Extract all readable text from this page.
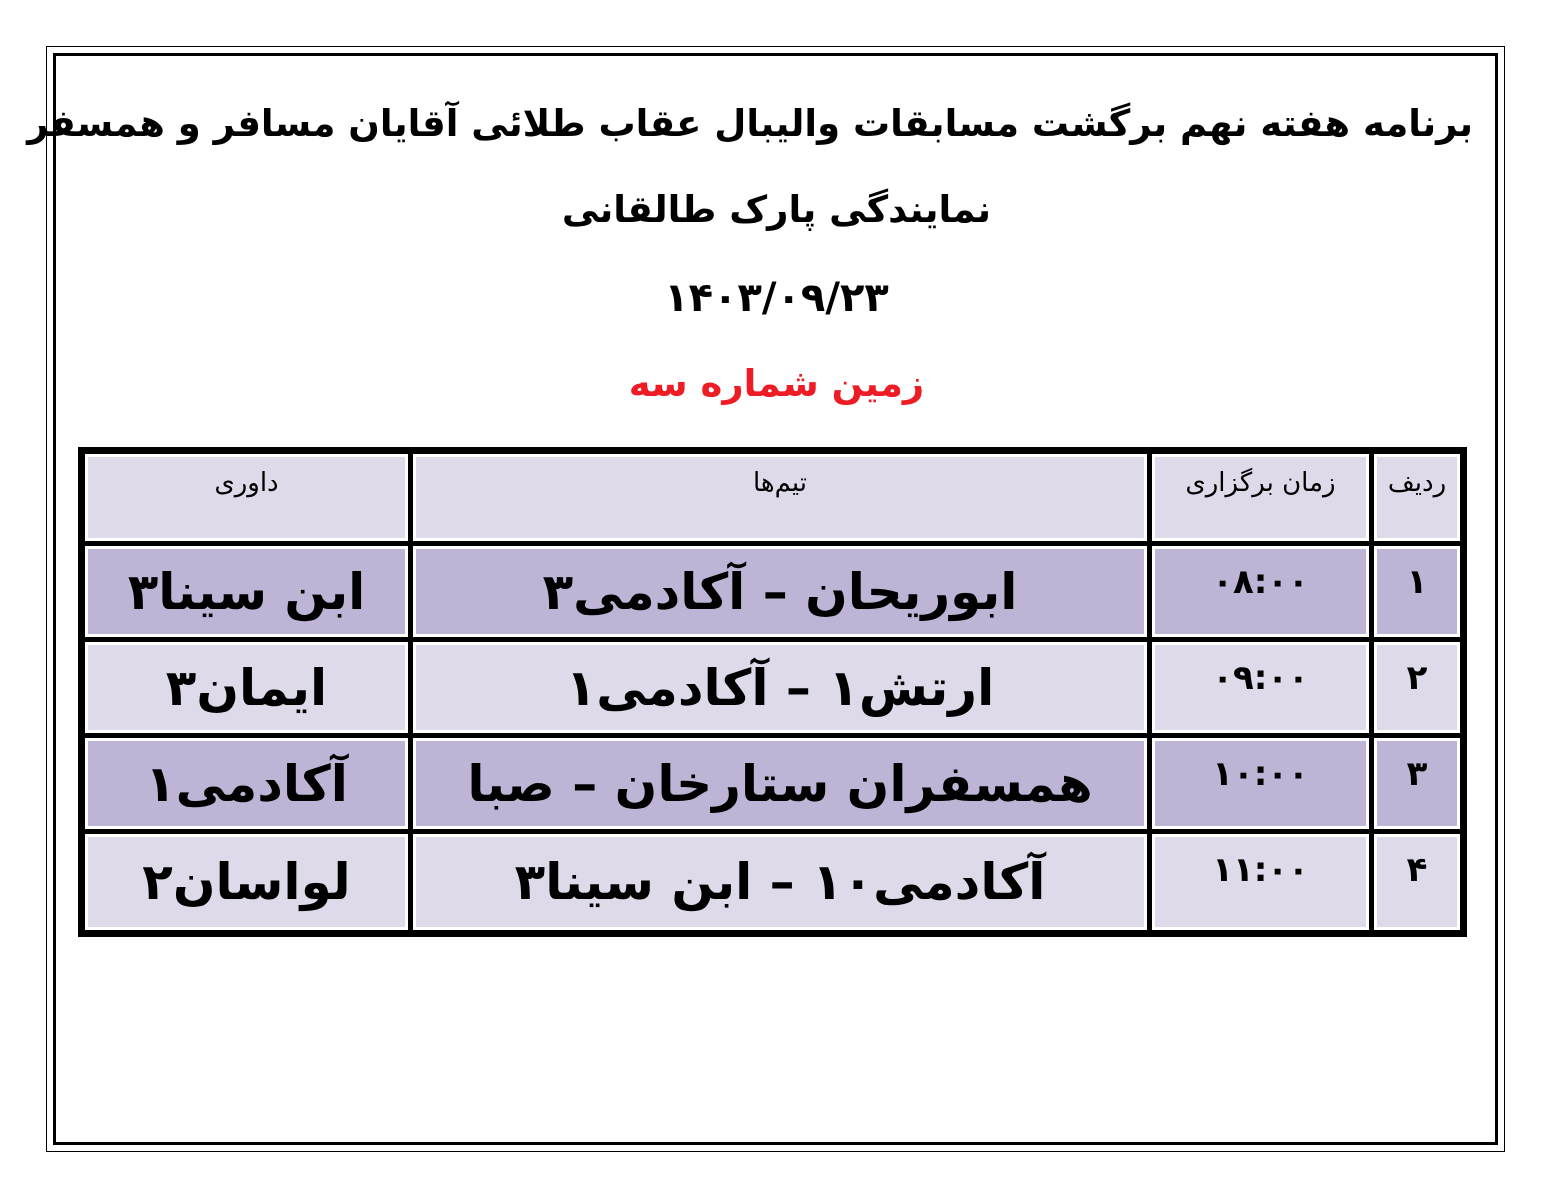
برنامه هفته نهم برگشت مسابقات والیبال عقاب طلائی آقایان مسافر و همسفر
نمایندگی پارک طالقانی
۱۴۰۳/۰۹/۲۳
زمین شماره سه
ردیف	زمان برگزاری	تیم‌ها	داوری
۱	۰۸:۰۰	ابوریحان – آکادمی۳	ابن سینا۳
۲	۰۹:۰۰	ارتش۱ – آکادمی۱	ایمان۳
۳	۱۰:۰۰	همسفران ستارخان – صبا	آکادمی۱
۴	۱۱:۰۰	آکادمی۱۰ – ابن سینا۳	لواسان۲
